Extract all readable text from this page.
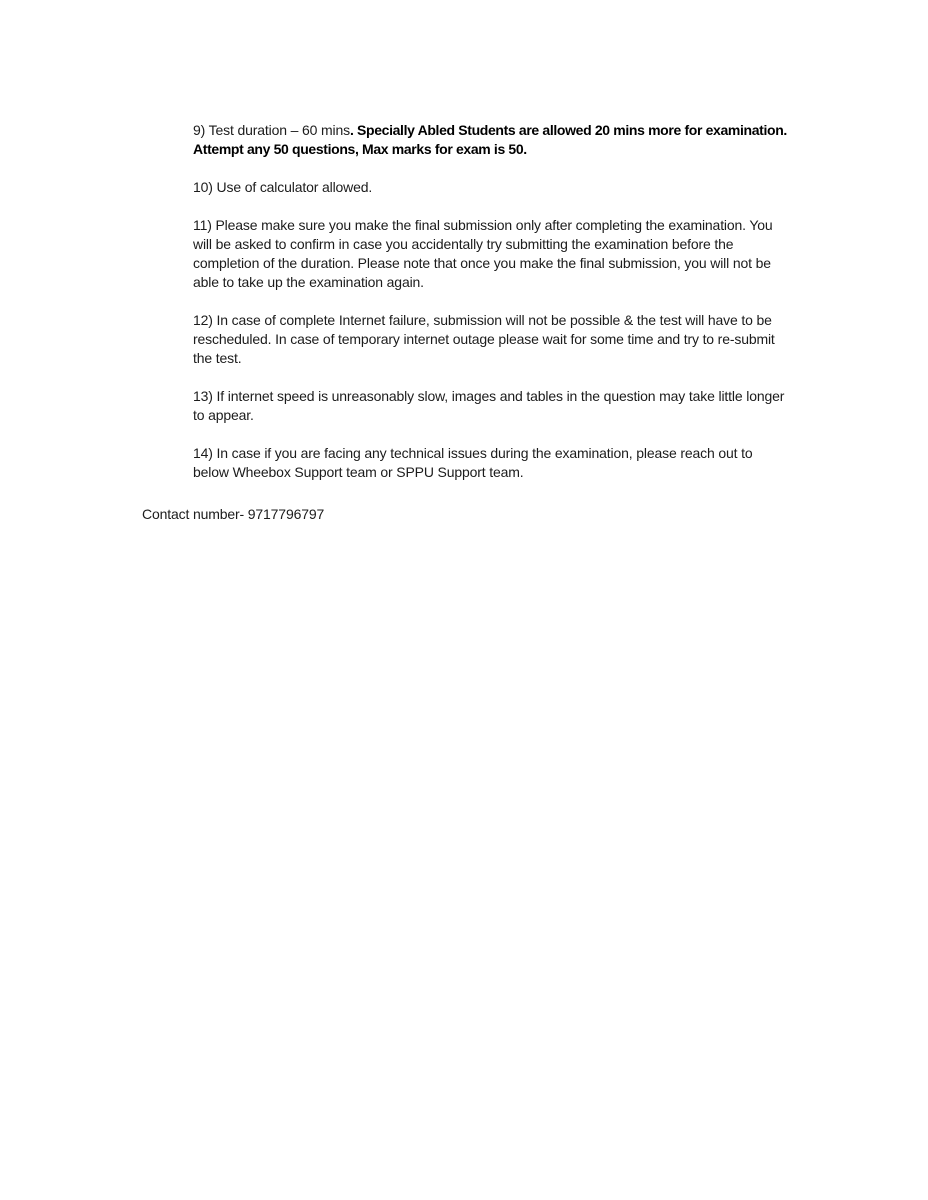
9) Test duration – 60 mins. Specially Abled Students are allowed 20 mins more for examination. Attempt any 50 questions, Max marks for exam is 50.

10) Use of calculator allowed.

11) Please make sure you make the final submission only after completing the examination. You will be asked to confirm in case you accidentally try submitting the examination before the completion of the duration. Please note that once you make the final submission, you will not be able to take up the examination again.

12) In case of complete Internet failure, submission will not be possible & the test will have to be rescheduled. In case of temporary internet outage please wait for some time and try to re-submit the test.

13) If internet speed is unreasonably slow, images and tables in the question may take little longer to appear.

14) In case if you are facing any technical issues during the examination, please reach out to below Wheebox Support team or SPPU Support team.

Contact number- 9717796797
